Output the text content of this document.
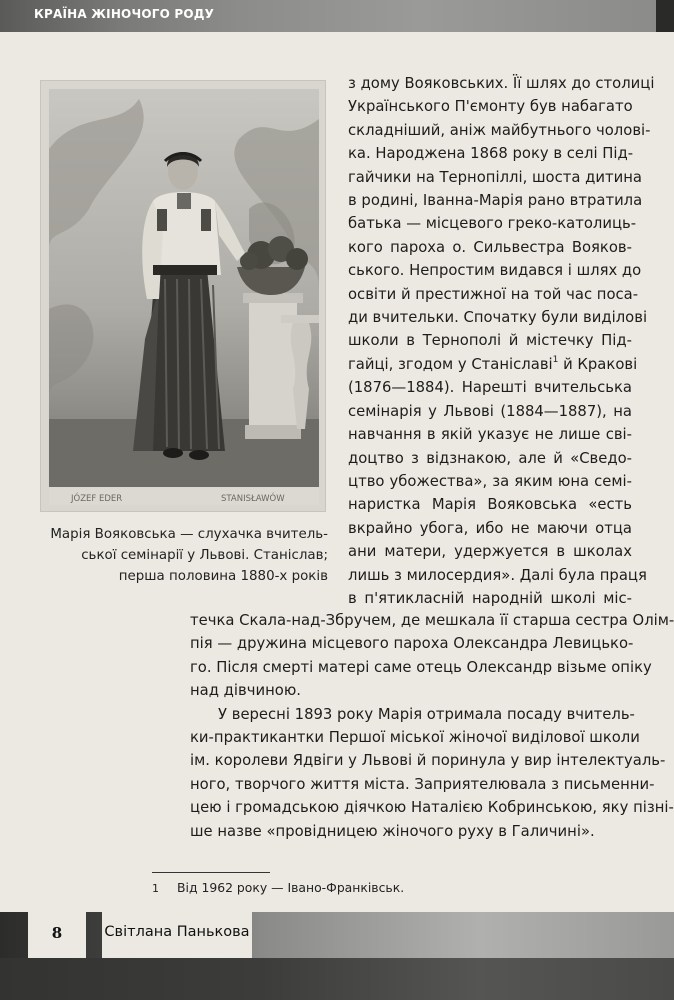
КРАЇНА ЖІНОЧОГО РОДУ
JÓZEF EDER	STANISŁAWÓW
Марія Вояковська — слухачка вчитель-
ської семінарії у Львові. Станіслав;
перша половина 1880-х років
з дому Вояковських. Її шлях до столиці
Українського П'ємонту був набагато
складніший, аніж майбутнього чолові-
ка. Народжена 1868 року в селі Під-
гайчики на Тернопіллі, шоста дитина
в родині, Іванна-Марія рано втратила
батька — місцевого греко-католиць-
кого пароха о. Сильвестра Вояков-
ського. Непростим видався і шлях до
освіти й престижної на той час поса-
ди вчительки. Спочатку були виділові
школи в Тернополі й містечку Під-
гайці, згодом у Станіславі$^1$ й Кракові
(1876—1884). Нарешті вчительська
семінарія у Львові (1884—1887), на
навчання в якій указує не лише сві-
доцтво з відзнакою, але й «Сведо-
цтво убожества», за яким юна семі-
наристка Марія Вояковська «есть
вкрайно убога, ибо не маючи отца
ани матери, удержуется в школах
лишь з милосердия». Далі була праця
в п'ятикласній народній школі міс-
течка Скала-над-Збручем, де мешкала її старша сестра Олім-
пія — дружина місцевого пароха Олександра Левицько-
го. Після смерті матері саме отець Олександр візьме опіку
над дівчиною.
У вересні 1893 року Марія отримала посаду вчитель-
ки-практикантки Першої міської жіночої виділової школи
ім. королеви Ядвіги у Львові й поринула у вир інтелектуаль-
ного, творчого життя міста. Заприятелювала з письменни-
цею і громадською діячкою Наталією Кобринською, яку пізні-
ше назве «провідницею жіночого руху в Галичині».
1 Від 1962 року — Івано-Франківськ.
8	Світлана Панькова
